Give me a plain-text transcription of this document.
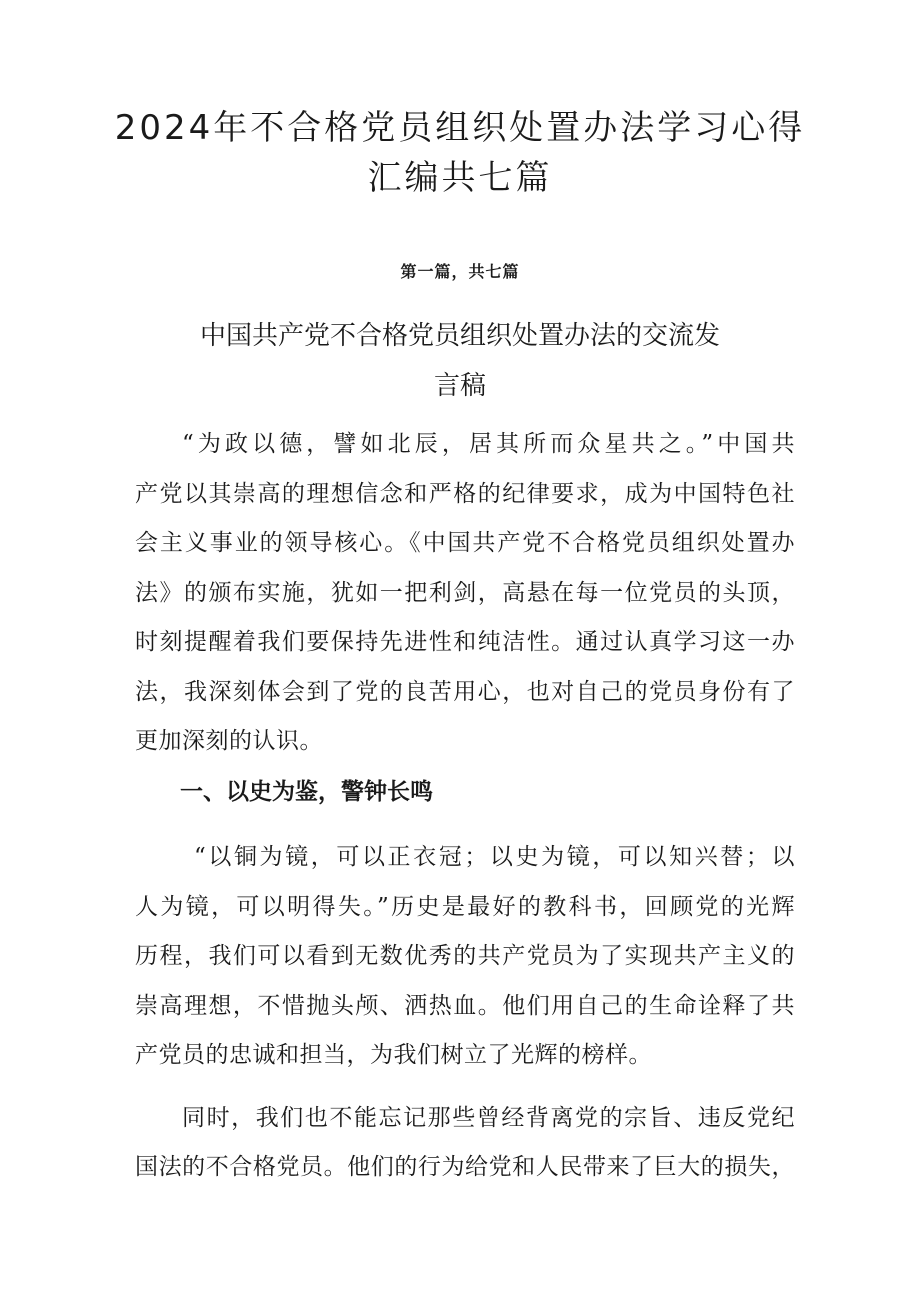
2024年不合格党员组织处置办法学习心得
汇编共七篇
第一篇，共七篇
中国共产党不合格党员组织处置办法的交流发
言稿
“为政以德，譬如北辰，居其所而众星共之。”中国共
产党以其崇高的理想信念和严格的纪律要求，成为中国特色社
会主义事业的领导核心。《中国共产党不合格党员组织处置办
法》的颁布实施，犹如一把利剑，高悬在每一位党员的头顶，
时刻提醒着我们要保持先进性和纯洁性。通过认真学习这一办
法，我深刻体会到了党的良苦用心，也对自己的党员身份有了
更加深刻的认识。
一、以史为鉴，警钟长鸣
“以铜为镜，可以正衣冠；以史为镜，可以知兴替；以
人为镜，可以明得失。”历史是最好的教科书，回顾党的光辉
历程，我们可以看到无数优秀的共产党员为了实现共产主义的
崇高理想，不惜抛头颅、洒热血。他们用自己的生命诠释了共
产党员的忠诚和担当，为我们树立了光辉的榜样。
同时，我们也不能忘记那些曾经背离党的宗旨、违反党纪
国法的不合格党员。他们的行为给党和人民带来了巨大的损失，
